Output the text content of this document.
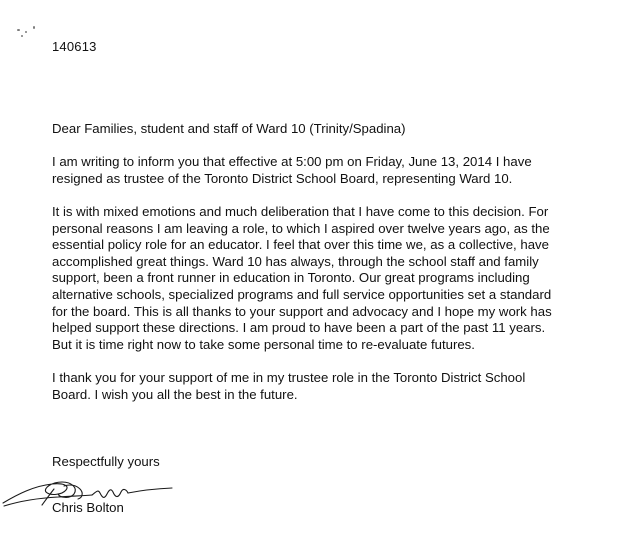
140613

Dear Families, student and staff of Ward 10 (Trinity/Spadina)

I am writing to inform you that effective at 5:00 pm on Friday, June 13, 2014 I have
resigned as trustee of the Toronto District School Board, representing Ward 10.

It is with mixed emotions and much deliberation that I have come to this decision. For
personal reasons I am leaving a role, to which I aspired over twelve years ago, as the
essential policy role for an educator. I feel that over this time we, as a collective, have
accomplished great things. Ward 10 has always, through the school staff and family
support, been a front runner in education in Toronto. Our great programs including
alternative schools, specialized programs and full service opportunities set a standard
for the board. This is all thanks to your support and advocacy and I hope my work has
helped support these directions. I am proud to have been a part of the past 11 years.
But it is time right now to take some personal time to re-evaluate futures.

I thank you for your support of me in my trustee role in the Toronto District School
Board. I wish you all the best in the future.

Respectfully yours
Chris Bolton
